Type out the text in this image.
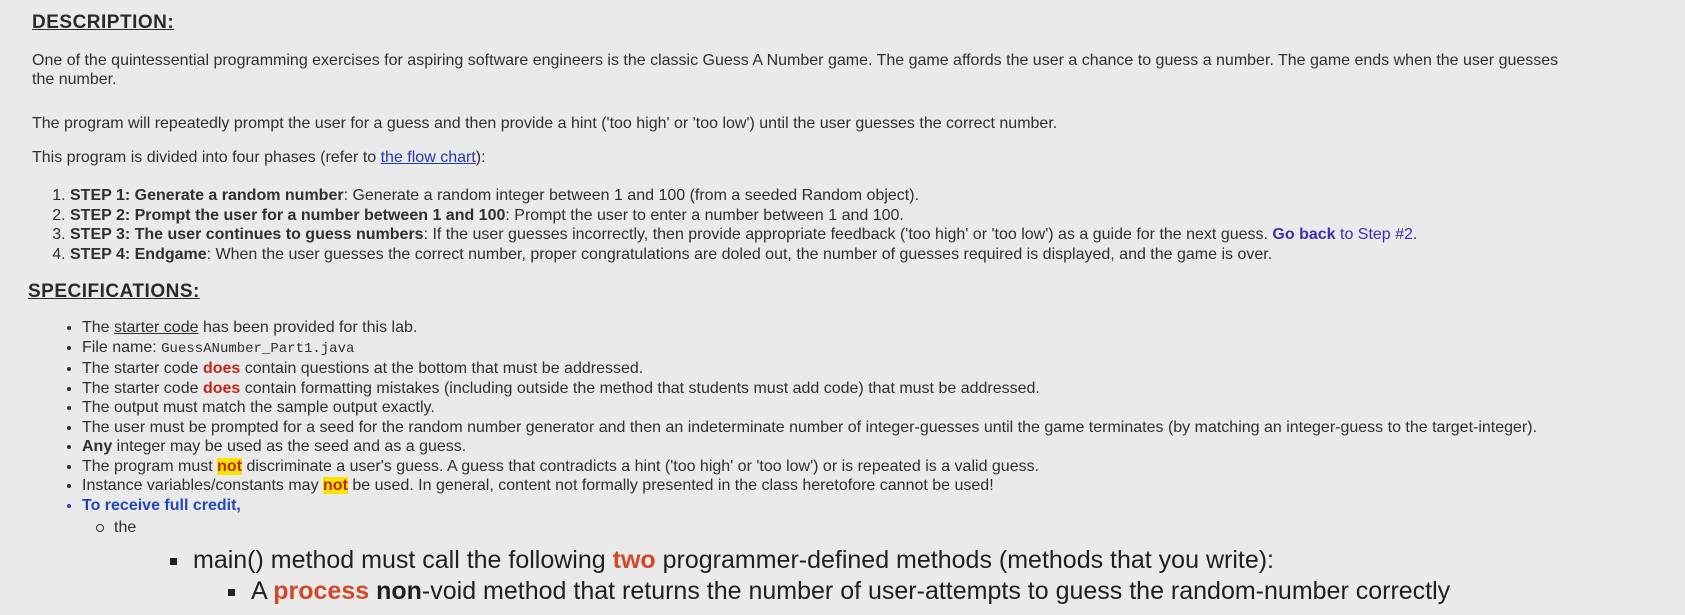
DESCRIPTION:
One of the quintessential programming exercises for aspiring software engineers is the classic Guess A Number game. The game affords the user a chance to guess a number. The game ends when the user guesses
the number.
The program will repeatedly prompt the user for a guess and then provide a hint ('too high' or 'too low') until the user guesses the correct number.
This program is divided into four phases (refer to the flow chart):
1. STEP 1: Generate a random number: Generate a random integer between 1 and 100 (from a seeded Random object).
2. STEP 2: Prompt the user for a number between 1 and 100: Prompt the user to enter a number between 1 and 100.
3. STEP 3: The user continues to guess numbers: If the user guesses incorrectly, then provide appropriate feedback ('too high' or 'too low') as a guide for the next guess. Go back to Step #2.
4. STEP 4: Endgame: When the user guesses the correct number, proper congratulations are doled out, the number of guesses required is displayed, and the game is over.
SPECIFICATIONS:
• The starter code has been provided for this lab.
• File name: GuessANumber_Part1.java
• The starter code does contain questions at the bottom that must be addressed.
• The starter code does contain formatting mistakes (including outside the method that students must add code) that must be addressed.
• The output must match the sample output exactly.
• The user must be prompted for a seed for the random number generator and then an indeterminate number of integer-guesses until the game terminates (by matching an integer-guess to the target-integer).
• Any integer may be used as the seed and as a guess.
• The program must not discriminate a user's guess. A guess that contradicts a hint ('too high' or 'too low') or is repeated is a valid guess.
• Instance variables/constants may not be used. In general, content not formally presented in the class heretofore cannot be used!
• To receive full credit,
the
main() method must call the following two programmer-defined methods (methods that you write):
A process non-void method that returns the number of user-attempts to guess the random-number correctly
